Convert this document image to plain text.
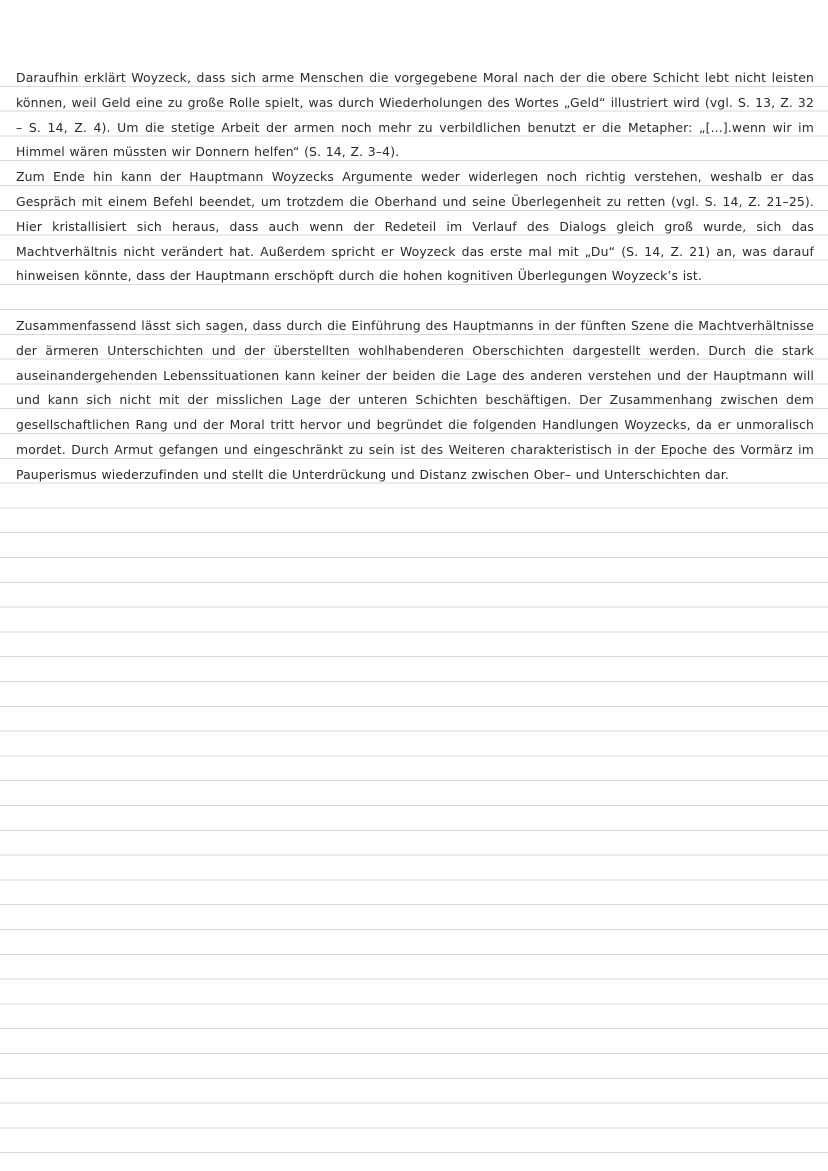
Daraufhin erklärt Woyzeck, dass sich arme Menschen die vorgegebene Moral nach der die obere Schicht lebt nicht leisten können, weil Geld eine zu große Rolle spielt, was durch Wiederholungen des Wortes „Geld“ illustriert wird (vgl. S. 13, Z. 32 – S. 14, Z. 4). Um die stetige Arbeit der armen noch mehr zu verbildlichen benutzt er die Metapher: „[...].wenn wir im Himmel wären müssten wir Donnern helfen“ (S. 14, Z. 3–4).

Zum Ende hin kann der Hauptmann Woyzecks Argumente weder widerlegen noch richtig verstehen, weshalb er das Gespräch mit einem Befehl beendet, um trotzdem die Oberhand und seine Überlegenheit zu retten (vgl. S. 14, Z. 21–25). Hier kristallisiert sich heraus, dass auch wenn der Redeteil im Verlauf des Dialogs gleich groß wurde, sich das Machtverhältnis nicht verändert hat. Außerdem spricht er Woyzeck das erste mal mit „Du“ (S. 14, Z. 21) an, was darauf hinweisen könnte, dass der Hauptmann erschöpft durch die hohen kognitiven Überlegungen Woyzeck’s ist.

Zusammenfassend lässt sich sagen, dass durch die Einführung des Hauptmanns in der fünften Szene die Machtverhältnisse der ärmeren Unterschichten und der überstellten wohlhabenderen Oberschichten dargestellt werden. Durch die stark auseinandergehenden Lebenssituationen kann keiner der beiden die Lage des anderen verstehen und der Hauptmann will und kann sich nicht mit der misslichen Lage der unteren Schichten beschäftigen. Der Zusammenhang zwischen dem gesellschaftlichen Rang und der Moral tritt hervor und begründet die folgenden Handlungen Woyzecks, da er unmoralisch mordet. Durch Armut gefangen und eingeschränkt zu sein ist des Weiteren charakteristisch in der Epoche des Vormärz im Pauperismus wiederzufinden und stellt die Unterdrückung und Distanz zwischen Ober– und Unterschichten dar.
